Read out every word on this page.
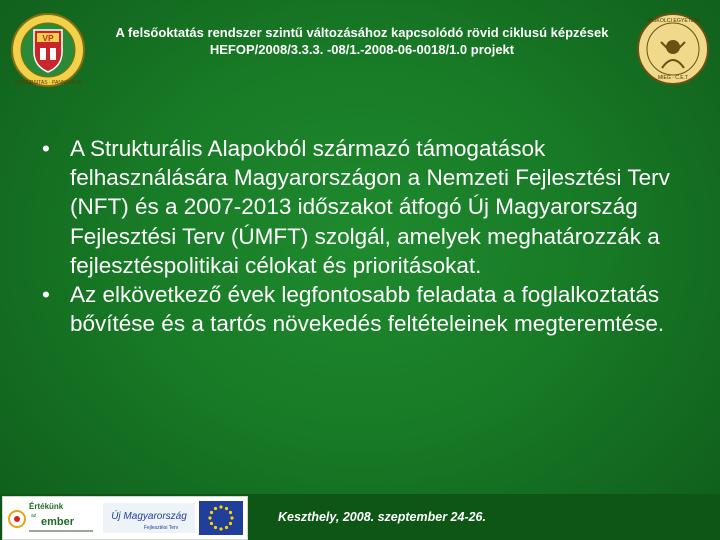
VP
UNIVERSITAS · PANNONICA
MISKOLCI EGYETEM
MIEG · C.E.T
A felsőoktatás rendszer szintű változásához kapcsolódó rövid ciklusú képzések
HEFOP/2008/3.3.3. -08/1.-2008-06-0018/1.0 projekt
• A Strukturális Alapokból származó támogatások felhasználására Magyarországon a Nemzeti Fejlesztési Terv (NFT) és a 2007-2013 időszakot átfogó Új Magyarország Fejlesztési Terv (ÚMFT) szolgál, amelyek meghatározzák a fejlesztéspolitikai célokat és prioritásokat.
• Az elkövetkező évek legfontosabb feladata a foglalkoztatás bővítése és a tartós növekedés feltételeinek megteremtése.
Értékünk
az ember	Új Magyarország
Fejlesztési Terv
Keszthely, 2008. szeptember 24-26.
